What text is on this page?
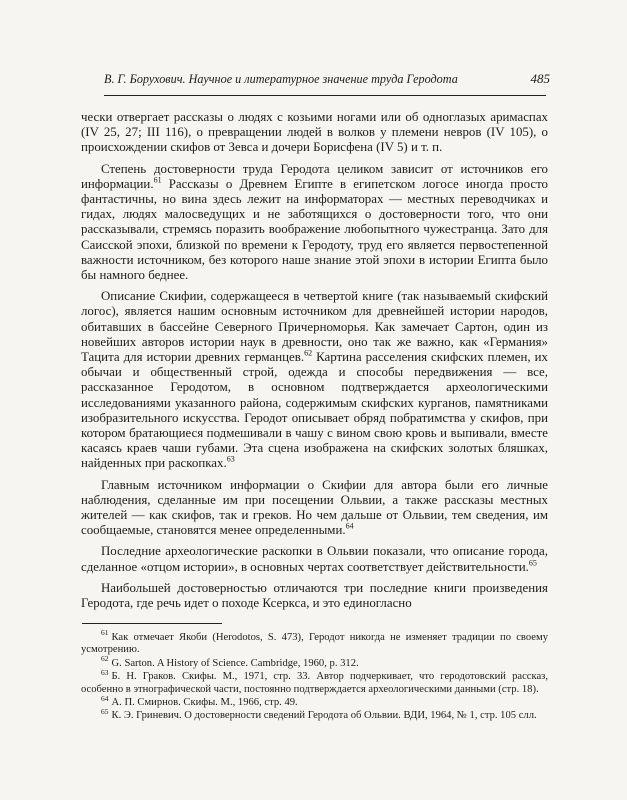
В. Г. Борухович. Научное и литературное значение труда Геродота	485

чески отвергает рассказы о людях с козьими ногами или об одноглазых аримаспах (IV 25, 27; III 116), о превращении людей в волков у племени невров (IV 105), о происхождении скифов от Зевса и дочери Борисфена (IV 5) и т. п.

Степень достоверности труда Геродота целиком зависит от источников его информации.$^{61}$ Рассказы о Древнем Египте в египетском логосе иногда просто фантастичны, но вина здесь лежит на информаторах — местных переводчиках и гидах, людях малосведущих и не заботящихся о достоверности того, что они рассказывали, стремясь поразить воображение любопытного чужестранца. Зато для Саисской эпохи, близкой по времени к Геродоту, труд его является первостепенной важности источником, без которого наше знание этой эпохи в истории Египта было бы намного беднее.

Описание Скифии, содержащееся в четвертой книге (так называемый скифский логос), является нашим основным источником для древнейшей истории народов, обитавших в бассейне Северного Причерноморья. Как замечает Сартон, один из новейших авторов истории наук в древности, оно так же важно, как «Германия» Тацита для истории древних германцев.$^{62}$ Картина расселения скифских племен, их обычаи и общественный строй, одежда и способы передвижения — все, рассказанное Геродотом, в основном подтверждается археологическими исследованиями указанного района, содержимым скифских курганов, памятниками изобразительного искусства. Геродот описывает обряд побратимства у скифов, при котором братающиеся подмешивали в чашу с вином свою кровь и выпивали, вместе касаясь краев чаши губами. Эта сцена изображена на скифских золотых бляшках, найденных при раскопках.$^{63}$

Главным источником информации о Скифии для автора были его личные наблюдения, сделанные им при посещении Ольвии, а также рассказы местных жителей — как скифов, так и греков. Но чем дальше от Ольвии, тем сведения, им сообщаемые, становятся менее определенными.$^{64}$

Последние археологические раскопки в Ольвии показали, что описание города, сделанное «отцом истории», в основных чертах соответствует действительности.$^{65}$

Наибольшей достоверностью отличаются три последние книги произведения Геродота, где речь идет о походе Ксеркса, и это единогласно

$^{61}$ Как отмечает Якоби (Herodotos, S. 473), Геродот никогда не изменяет традиции по своему усмотрению.

$^{62}$ G. Sarton. A History of Science. Cambridge, 1960, p. 312.

$^{63}$ Б. Н. Граков. Скифы. М., 1971, стр. 33. Автор подчеркивает, что геродотовский рассказ, особенно в этнографической части, постоянно подтверждается археологическими данными (стр. 18).

$^{64}$ А. П. Смирнов. Скифы. М., 1966, стр. 49.

$^{65}$ К. Э. Гриневич. О достоверности сведений Геродота об Ольвии. ВДИ, 1964, № 1, стр. 105 слл.
